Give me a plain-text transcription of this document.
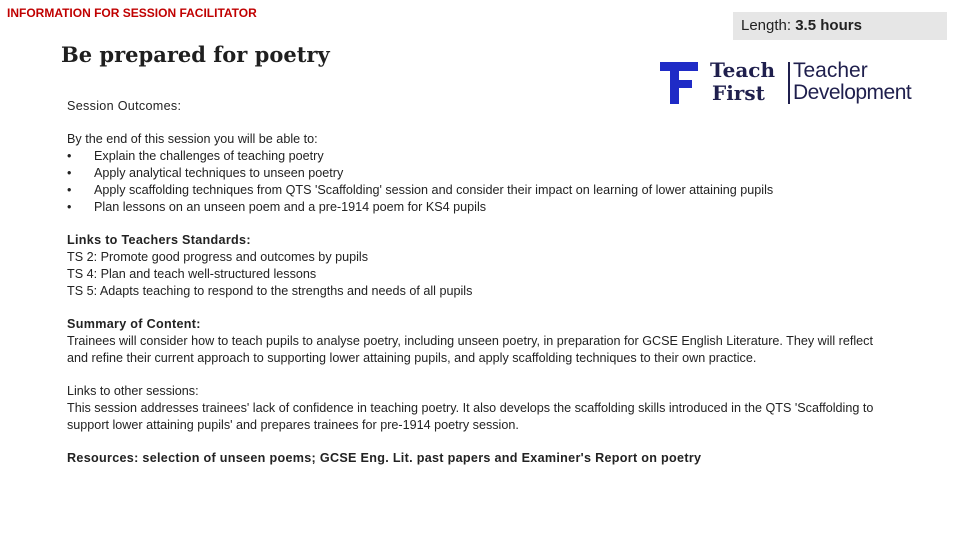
INFORMATION FOR SESSION FACILITATOR
Length: 3.5 hours
Be prepared for poetry
Teach
First
Teacher
Development
Session Outcomes:
By the end of this session you will be able to:
• Explain the challenges of teaching poetry
• Apply analytical techniques to unseen poetry
• Apply scaffolding techniques from QTS 'Scaffolding' session and consider their impact on learning of lower attaining pupils
• Plan lessons on an unseen poem and a pre-1914 poem for KS4 pupils
Links to Teachers Standards:
TS 2: Promote good progress and outcomes by pupils
TS 4: Plan and teach well-structured lessons
TS 5: Adapts teaching to respond to the strengths and needs of all pupils
Summary of Content:
Trainees will consider how to teach pupils to analyse poetry, including unseen poetry, in preparation for GCSE English Literature. They will reflect and refine their current approach to supporting lower attaining pupils, and apply scaffolding techniques to their own practice.
Links to other sessions:
This session addresses trainees' lack of confidence in teaching poetry. It also develops the scaffolding skills introduced in the QTS 'Scaffolding to support lower attaining pupils' and prepares trainees for pre-1914 poetry session.
Resources: selection of unseen poems; GCSE Eng. Lit. past papers and Examiner's Report on poetry
